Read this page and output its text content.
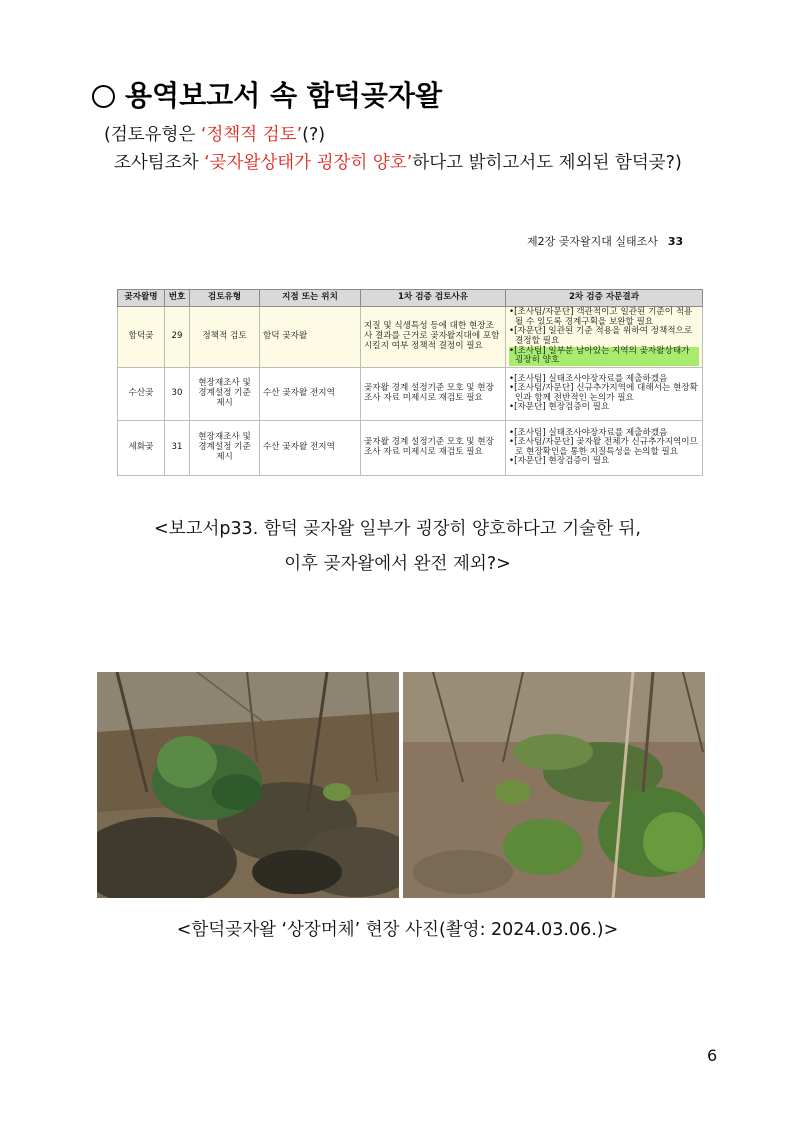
용역보고서 속 함덕곶자왈
(검토유형은 ‘정책적 검토’(?)
조사팀조차 ‘곶자왈상태가 굉장히 양호’하다고 밝히고서도 제외된 함덕곶?)
제2장 곶자왈지대 실태조사 33
곶자왈명	번호	검토유형	지점 또는 위치	1차 검증 검토사유	2차 검증 자문결과
함덕곶	29	정책적 검토	함덕 곶자왈	지질 및 식생특성 등에 대한 현장조사 결과를 근거로 곶자왈지대에 포함시킬지 여부 정책적 결정이 필요	•[조사팀/자문단] 객관적이고 일관된 기준이 적용될 수 있도록 경계구획을 보완할 필요
•[자문단] 일관된 기준 적용을 위하여 정책적으로 결정할 필요
•[조사팀] 일부분 남아있는 지역의 곶자왈상태가 굉장히 양호

수산곶	30	현장재조사 및 경계설정 기준 제시	수산 곶자왈 전지역	곶자왈 경계 설정기준 모호 및 현장조사 자료 미제시로 재검토 필요	•[조사팀] 실태조사야장자료를 제출하겠음
•[조사팀/자문단] 신규추가지역에 대해서는 현장확인과 함께 전반적인 논의가 필요
•[자문단] 현장검증이 필요

세화곶	31	현장재조사 및 경계설정 기준 제시	수산 곶자왈 전지역	곶자왈 경계 설정기준 모호 및 현장조사 자료 미제시로 재검토 필요	•[조사팀] 실태조사야장자료를 제출하겠음
•[조사팀/자문단] 곶자왈 전체가 신규추가지역이므로 현장확인을 통한 지질특성을 논의할 필요
•[자문단] 현장검증이 필요
<보고서p33. 함덕 곶자왈 일부가 굉장히 양호하다고 기술한 뒤,
이후 곶자왈에서 완전 제외?>
<함덕곶자왈 ‘상장머체’ 현장 사진(촬영: 2024.03.06.)>
6
